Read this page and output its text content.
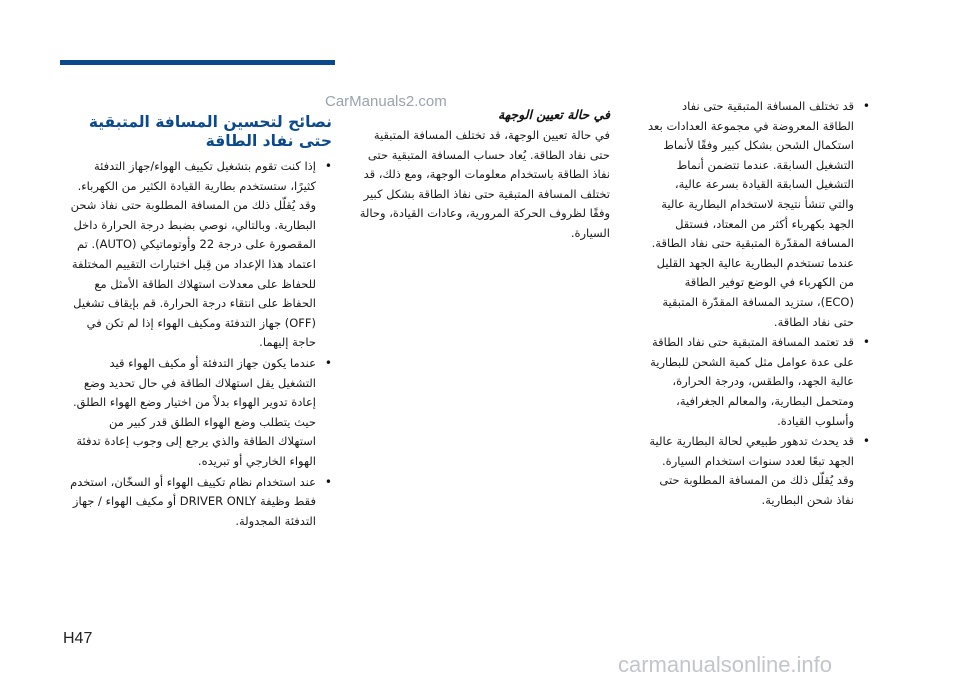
CarManuals2.com	•
قد تختلف المسافة المتبقية حتى نفاد الطاقة المعروضة في مجموعة العدادات بعد استكمال الشحن بشكل كبير وفقًا لأنماط التشغيل السابقة. عندما تتضمن أنماط التشغيل السابقة القيادة بسرعة عالية، والتي تنشأ نتيجة لاستخدام البطارية عالية الجهد بكهرباء أكثر من المعتاد، فستقل المسافة المقدّرة المتبقية حتى نفاد الطاقة. عندما تستخدم البطارية عالية الجهد القليل من الكهرباء في الوضع توفير الطاقة (ECO)، ستزيد المسافة المقدّرة المتبقية حتى نفاد الطاقة.
•
قد تعتمد المسافة المتبقية حتى نفاد الطاقة على عدة عوامل مثل كمية الشحن للبطارية عالية الجهد، والطقس، ودرجة الحرارة، ومتحمل البطارية، والمعالم الجغرافية، وأسلوب القيادة.
•
قد يحدث تدهور طبيعي لحالة البطارية عالية الجهد تبعًا لعدد سنوات استخدام السيارة. وقد يُقلّل ذلك من المسافة المطلوبة حتى نفاذ شحن البطارية.
في حالة تعيين الوجهة

في حالة تعيين الوجهة، قد تختلف المسافة المتبقية حتى نفاد الطاقة. يُعاد حساب المسافة المتبقية حتى نفاذ الطاقة باستخدام معلومات الوجهة، ومع ذلك، قد تختلف المسافة المتبقية حتى نفاذ الطاقة بشكل كبير وفقًا لظروف الحركة المرورية، وعادات القيادة، وحالة السيارة.

نصائح لتحسين المسافة المتبقية حتى نفاد الطاقة
•
إذا كنت تقوم بتشغيل تكييف الهواء/جهاز التدفئة كثيرًا، ستستخدم بطارية القيادة الكثير من الكهرباء. وقد يُقلّل ذلك من المسافة المطلوبة حتى نفاذ شحن البطارية. وبالتالي، نوصي بضبط درجة الحرارة داخل المقصورة على درجة 22 وأوتوماتيكي (AUTO). تم اعتماد هذا الإعداد من قِبل اختبارات التقييم المختلفة للحفاظ على معدلات استهلاك الطاقة الأمثل مع الحفاظ على انتقاء درجة الحرارة. قم بإيقاف تشغيل (OFF) جهاز التدفئة ومكيف الهواء إذا لم تكن في حاجة إليهما.
•
عندما يكون جهاز التدفئة أو مكيف الهواء قيد التشغيل يقل استهلاك الطاقة في حال تحديد وضع إعادة تدوير الهواء بدلاً من اختيار وضع الهواء الطلق. حيث يتطلب وضع الهواء الطلق قدر كبير من استهلاك الطاقة والذي يرجع إلى وجوب إعادة تدفئة الهواء الخارجي أو تبريده.
•
عند استخدام نظام تكييف الهواء أو السخّان، استخدم فقط وظيفة DRIVER ONLY أو مكيف الهواء / جهاز التدفئة المجدولة.
H47
carmanualsonline.info
